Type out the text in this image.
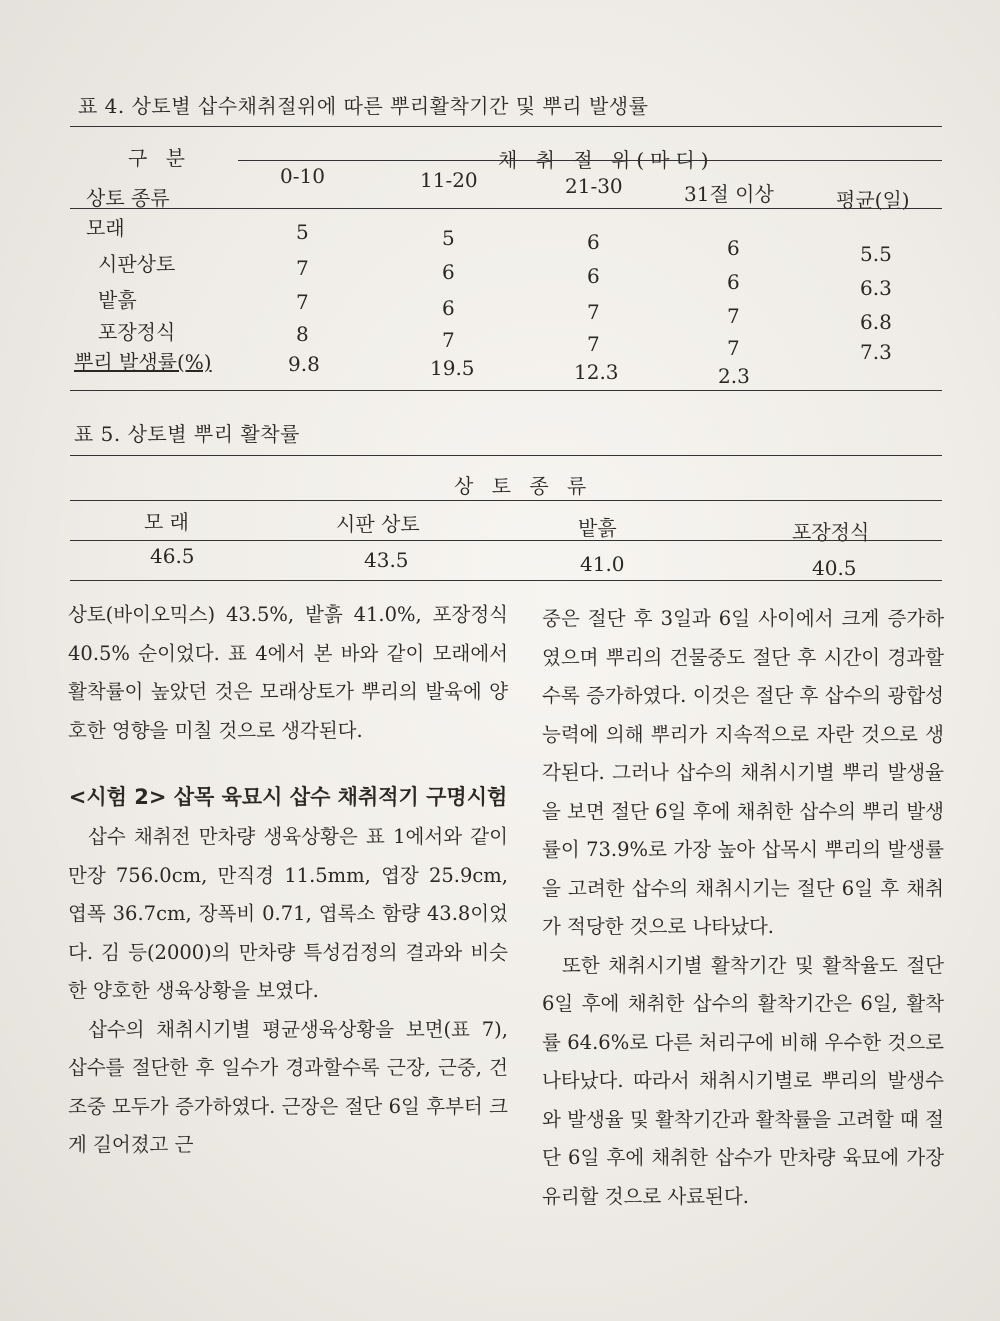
표 4. 상토별 삽수채취절위에 따른 뿌리활착기간 및 뿌리 발생률
구 분	채 취 절 위(마디)
0-10	11-20	21-30	31절 이상	평균(일)
상토 종류
모래	5	5	6	6	5.5
시판상토	7	6	6	6	6.3
밭흙	7	6	7	7	6.8
포장정식	8	7	7	7	7.3
뿌리 발생률(%)	9.8	19.5	12.3	2.3
표 5. 상토별 뿌리 활착률
상 토 종 류
모 래	시판 상토	밭흙	포장정식
46.5	43.5	41.0	40.5

상토(바이오믹스) 43.5%, 밭흙 41.0%, 포장정식 40.5% 순이었다. 표 4에서 본 바와 같이 모래에서 활착률이 높았던 것은 모래상토가 뿌리의 발육에 양호한 영향을 미칠 것으로 생각된다.

<시험 2> 삽목 육묘시 삽수 채취적기 구명시험

삽수 채취전 만차량 생육상황은 표 1에서와 같이 만장 756.0cm, 만직경 11.5mm, 엽장 25.9cm, 엽폭 36.7cm, 장폭비 0.71, 엽록소 함량 43.8이었다. 김 등(2000)의 만차량 특성검정의 결과와 비슷한 양호한 생육상황을 보였다.

삽수의 채취시기별 평균생육상황을 보면(표 7), 삽수를 절단한 후 일수가 경과할수록 근장, 근중, 건조중 모두가 증가하였다. 근장은 절단 6일 후부터 크게 길어졌고 근

중은 절단 후 3일과 6일 사이에서 크게 증가하였으며 뿌리의 건물중도 절단 후 시간이 경과할수록 증가하였다. 이것은 절단 후 삽수의 광합성 능력에 의해 뿌리가 지속적으로 자란 것으로 생각된다. 그러나 삽수의 채취시기별 뿌리 발생율을 보면 절단 6일 후에 채취한 삽수의 뿌리 발생률이 73.9%로 가장 높아 삽목시 뿌리의 발생률을 고려한 삽수의 채취시기는 절단 6일 후 채취가 적당한 것으로 나타났다.

또한 채취시기별 활착기간 및 활착율도 절단 6일 후에 채취한 삽수의 활착기간은 6일, 활착률 64.6%로 다른 처리구에 비해 우수한 것으로 나타났다. 따라서 채취시기별로 뿌리의 발생수와 발생율 및 활착기간과 활착률을 고려할 때 절단 6일 후에 채취한 삽수가 만차량 육묘에 가장 유리할 것으로 사료된다.
